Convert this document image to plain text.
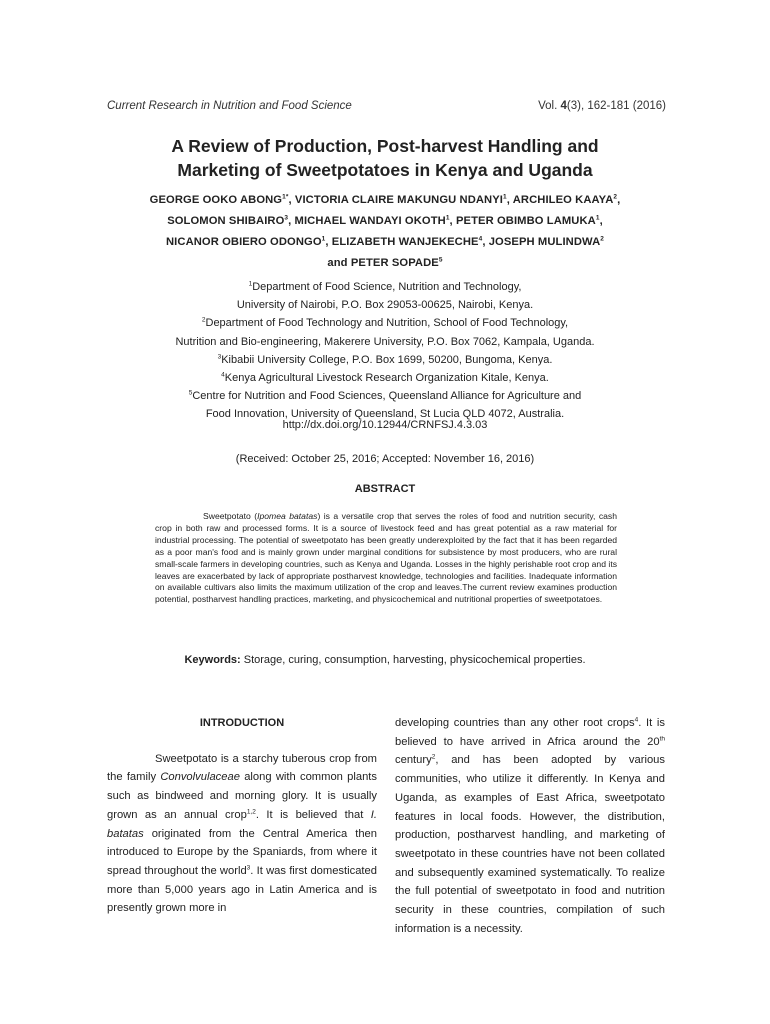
Current Research in Nutrition and Food Science	Vol. 4(3), 162-181 (2016)
A Review of Production, Post-harvest Handling and
Marketing of Sweetpotatoes in Kenya and Uganda
GEORGE OOKO $ABONG^{1*}$, VICTORIA CLAIRE MAKUNGU NDANYI$^1$, ARCHILEO KAAYA$^2$,
SOLOMON SHIBAIRO$^3$, MICHAEL WANDAYI OKOTH$^1$, PETER OBIMBO LAMUKA$^1$,
NICANOR OBIERO ODONGO$^1$, ELIZABETH WANJEKECHE$^4$, JOSEPH MULINDWA$^2$
and PETER SOPADE$^5$
$^1$Department of Food Science, Nutrition and Technology,
University of Nairobi, P.O. Box 29053-00625, Nairobi, Kenya.
$^2$Department of Food Technology and Nutrition, School of Food Technology,
Nutrition and Bio-engineering, Makerere University, P.O. Box 7062, Kampala, Uganda.
$^3$Kibabii University College, P.O. Box 1699, 50200, Bungoma, Kenya.
$^4$Kenya Agricultural Livestock Research Organization Kitale, Kenya.
$^5$Centre for Nutrition and Food Sciences, Queensland Alliance for Agriculture and
Food Innovation, University of Queensland, St Lucia QLD 4072, Australia.
http://dx.doi.org/10.12944/CRNFSJ.4.3.03
(Received: October 25, 2016; Accepted: November 16, 2016)
ABSTRACT

Sweetpotato (Ipomea batatas) is a versatile crop that serves the roles of food and nutrition security, cash crop in both raw and processed forms. It is a source of livestock feed and has great potential as a raw material for industrial processing. The potential of sweetpotato has been greatly underexploited by the fact that it has been regarded as a poor man's food and is mainly grown under marginal conditions for subsistence by most producers, who are rural small-scale farmers in developing countries, such as Kenya and Uganda. Losses in the highly perishable root crop and its leaves are exacerbated by lack of appropriate postharvest knowledge, technologies and facilities. Inadequate information on available cultivars also limits the maximum utilization of the crop and leaves.The current review examines production potential, postharvest handling practices, marketing, and physicochemical and nutritional properties of sweetpotatoes.

Keywords: Storage, curing, consumption, harvesting, physicochemical properties.
INTRODUCTION

Sweetpotato is a starchy tuberous crop from the family Convolvulaceae along with common plants such as bindweed and morning glory. It is usually grown as an annual crop$^{1,2}$. It is believed that I. batatas originated from the Central America then introduced to Europe by the Spaniards, from where it spread throughout the world$^3$. It was first domesticated more than 5,000 years ago in Latin America and is presently grown more in

developing countries than any other root crops$^4$. It is believed to have arrived in Africa around the 20th century$^2$, and has been adopted by various communities, who utilize it differently. In Kenya and Uganda, as examples of East Africa, sweetpotato features in local foods. However, the distribution, production, postharvest handling, and marketing of sweetpotato in these countries have not been collated and subsequently examined systematically. To realize the full potential of sweetpotato in food and nutrition security in these countries, compilation of such information is a necessity.
